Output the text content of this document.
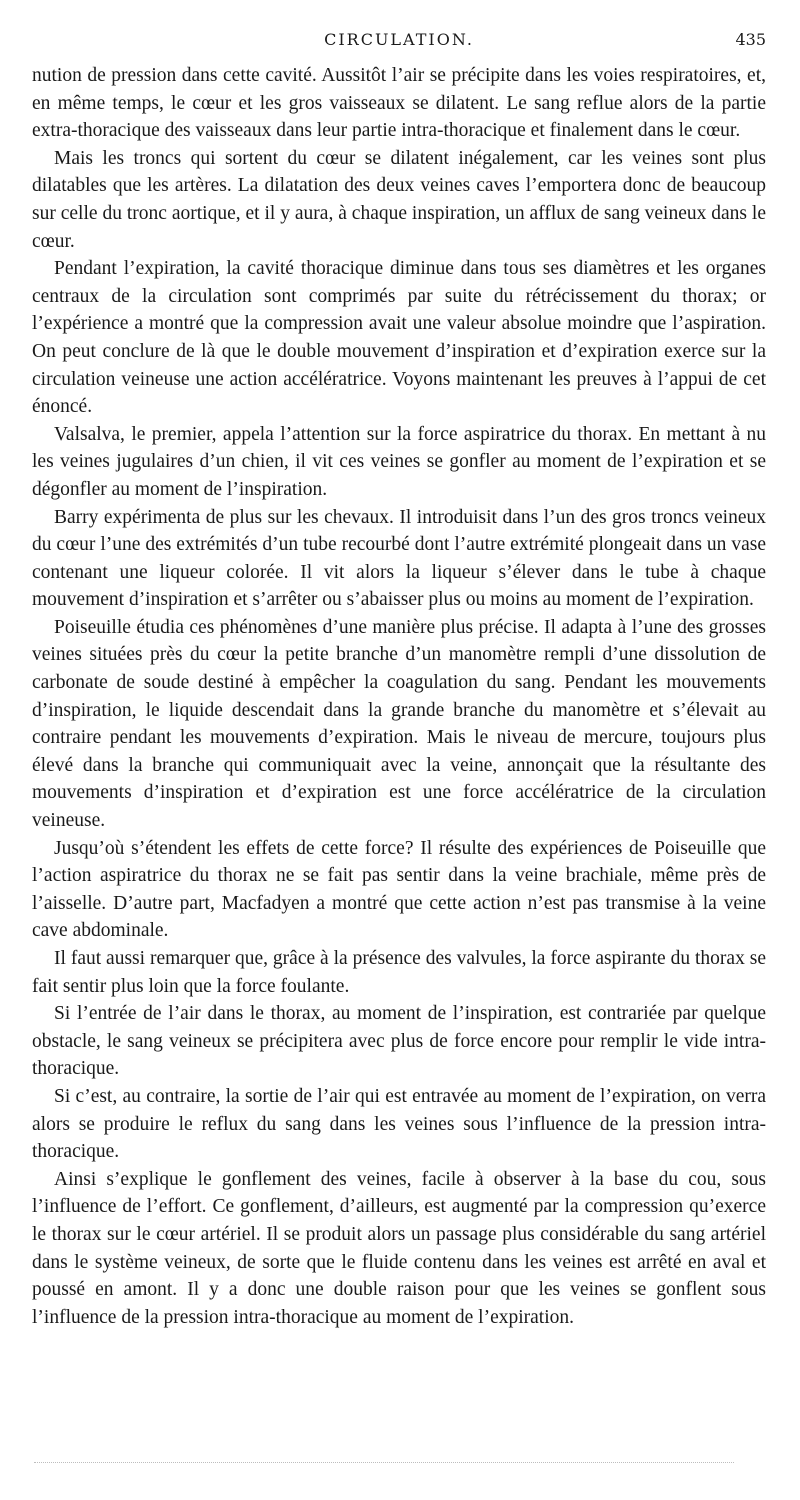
CIRCULATION.	435

nution de pression dans cette cavité. Aussitôt l’air se précipite dans les voies respiratoires, et, en même temps, le cœur et les gros vaisseaux se dilatent. Le sang reflue alors de la partie extra-thoracique des vaisseaux dans leur partie intra-thoracique et finalement dans le cœur.

Mais les troncs qui sortent du cœur se dilatent inégalement, car les veines sont plus dilatables que les artères. La dilatation des deux veines caves l’emportera donc de beaucoup sur celle du tronc aortique, et il y aura, à chaque inspiration, un afflux de sang veineux dans le cœur.

Pendant l’expiration, la cavité thoracique diminue dans tous ses diamètres et les organes centraux de la circulation sont comprimés par suite du rétrécissement du thorax; or l’expérience a montré que la compression avait une valeur absolue moindre que l’aspiration. On peut conclure de là que le double mouvement d’inspiration et d’expiration exerce sur la circulation veineuse une action accélératrice. Voyons maintenant les preuves à l’appui de cet énoncé.

Valsalva, le premier, appela l’attention sur la force aspiratrice du thorax. En mettant à nu les veines jugulaires d’un chien, il vit ces veines se gonfler au moment de l’expiration et se dégonfler au moment de l’inspiration.

Barry expérimenta de plus sur les chevaux. Il introduisit dans l’un des gros troncs veineux du cœur l’une des extrémités d’un tube recourbé dont l’autre extrémité plongeait dans un vase contenant une liqueur colorée. Il vit alors la liqueur s’élever dans le tube à chaque mouvement d’inspiration et s’arrêter ou s’abaisser plus ou moins au moment de l’expiration.

Poiseuille étudia ces phénomènes d’une manière plus précise. Il adapta à l’une des grosses veines situées près du cœur la petite branche d’un manomètre rempli d’une dissolution de carbonate de soude destiné à empêcher la coagulation du sang. Pendant les mouvements d’inspiration, le liquide descendait dans la grande branche du manomètre et s’élevait au contraire pendant les mouvements d’expiration. Mais le niveau de mercure, toujours plus élevé dans la branche qui communiquait avec la veine, annonçait que la résultante des mouvements d’inspiration et d’expiration est une force accélératrice de la circulation veineuse.

Jusqu’où s’étendent les effets de cette force? Il résulte des expériences de Poiseuille que l’action aspiratrice du thorax ne se fait pas sentir dans la veine brachiale, même près de l’aisselle. D’autre part, Macfadyen a montré que cette action n’est pas transmise à la veine cave abdominale.

Il faut aussi remarquer que, grâce à la présence des valvules, la force aspirante du thorax se fait sentir plus loin que la force foulante.

Si l’entrée de l’air dans le thorax, au moment de l’inspiration, est contrariée par quelque obstacle, le sang veineux se précipitera avec plus de force encore pour remplir le vide intra-thoracique.

Si c’est, au contraire, la sortie de l’air qui est entravée au moment de l’expiration, on verra alors se produire le reflux du sang dans les veines sous l’influence de la pression intra-thoracique.

Ainsi s’explique le gonflement des veines, facile à observer à la base du cou, sous l’influence de l’effort. Ce gonflement, d’ailleurs, est augmenté par la compression qu’exerce le thorax sur le cœur artériel. Il se produit alors un passage plus considérable du sang artériel dans le système veineux, de sorte que le fluide contenu dans les veines est arrêté en aval et poussé en amont. Il y a donc une double raison pour que les veines se gonflent sous l’influence de la pression intra-thoracique au moment de l’expiration.
